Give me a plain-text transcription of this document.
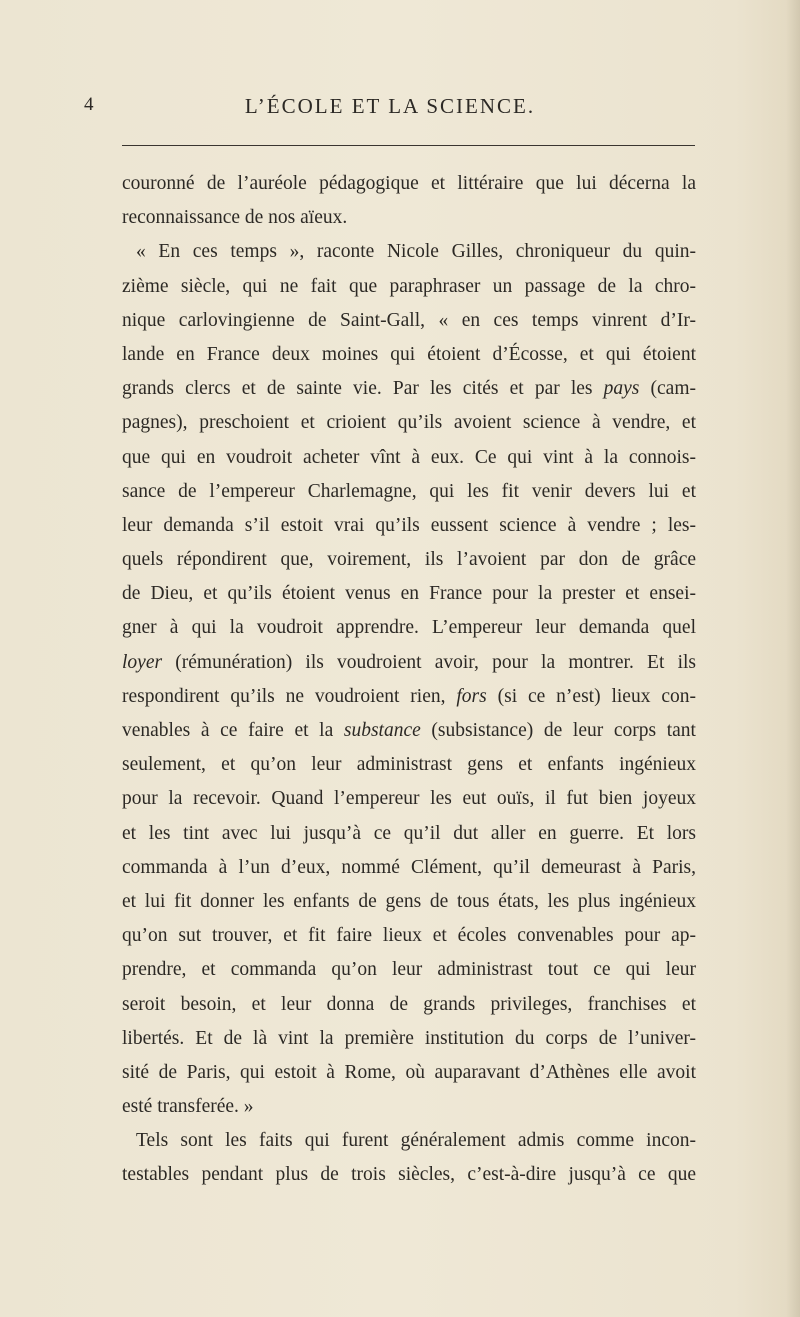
4	L’ÉCOLE ET LA SCIENCE.
couronné de l’auréole pédagogique et littéraire que lui décerna la
reconnaissance de nos aïeux.
« En ces temps », raconte Nicole Gilles, chroniqueur du quin-
zième siècle, qui ne fait que paraphraser un passage de la chro-
nique carlovingienne de Saint-Gall, « en ces temps vinrent d’Ir-
lande en France deux moines qui étoient d’Écosse, et qui étoient
grands clercs et de sainte vie. Par les cités et par les pays (cam-
pagnes), preschoient et crioient qu’ils avoient science à vendre, et
que qui en voudroit acheter vînt à eux. Ce qui vint à la connois-
sance de l’empereur Charlemagne, qui les fit venir devers lui et
leur demanda s’il estoit vrai qu’ils eussent science à vendre ; les-
quels répondirent que, voirement, ils l’avoient par don de grâce
de Dieu, et qu’ils étoient venus en France pour la prester et ensei-
gner à qui la voudroit apprendre. L’empereur leur demanda quel
loyer (rémunération) ils voudroient avoir, pour la montrer. Et ils
respondirent qu’ils ne voudroient rien, fors (si ce n’est) lieux con-
venables à ce faire et la substance (subsistance) de leur corps tant
seulement, et qu’on leur administrast gens et enfants ingénieux
pour la recevoir. Quand l’empereur les eut ouïs, il fut bien joyeux
et les tint avec lui jusqu’à ce qu’il dut aller en guerre. Et lors
commanda à l’un d’eux, nommé Clément, qu’il demeurast à Paris,
et lui fit donner les enfants de gens de tous états, les plus ingénieux
qu’on sut trouver, et fit faire lieux et écoles convenables pour ap-
prendre, et commanda qu’on leur administrast tout ce qui leur
seroit besoin, et leur donna de grands privileges, franchises et
libertés. Et de là vint la première institution du corps de l’univer-
sité de Paris, qui estoit à Rome, où auparavant d’Athènes elle avoit
esté transferée. »
Tels sont les faits qui furent généralement admis comme incon-
testables pendant plus de trois siècles, c’est-à-dire jusqu’à ce que
